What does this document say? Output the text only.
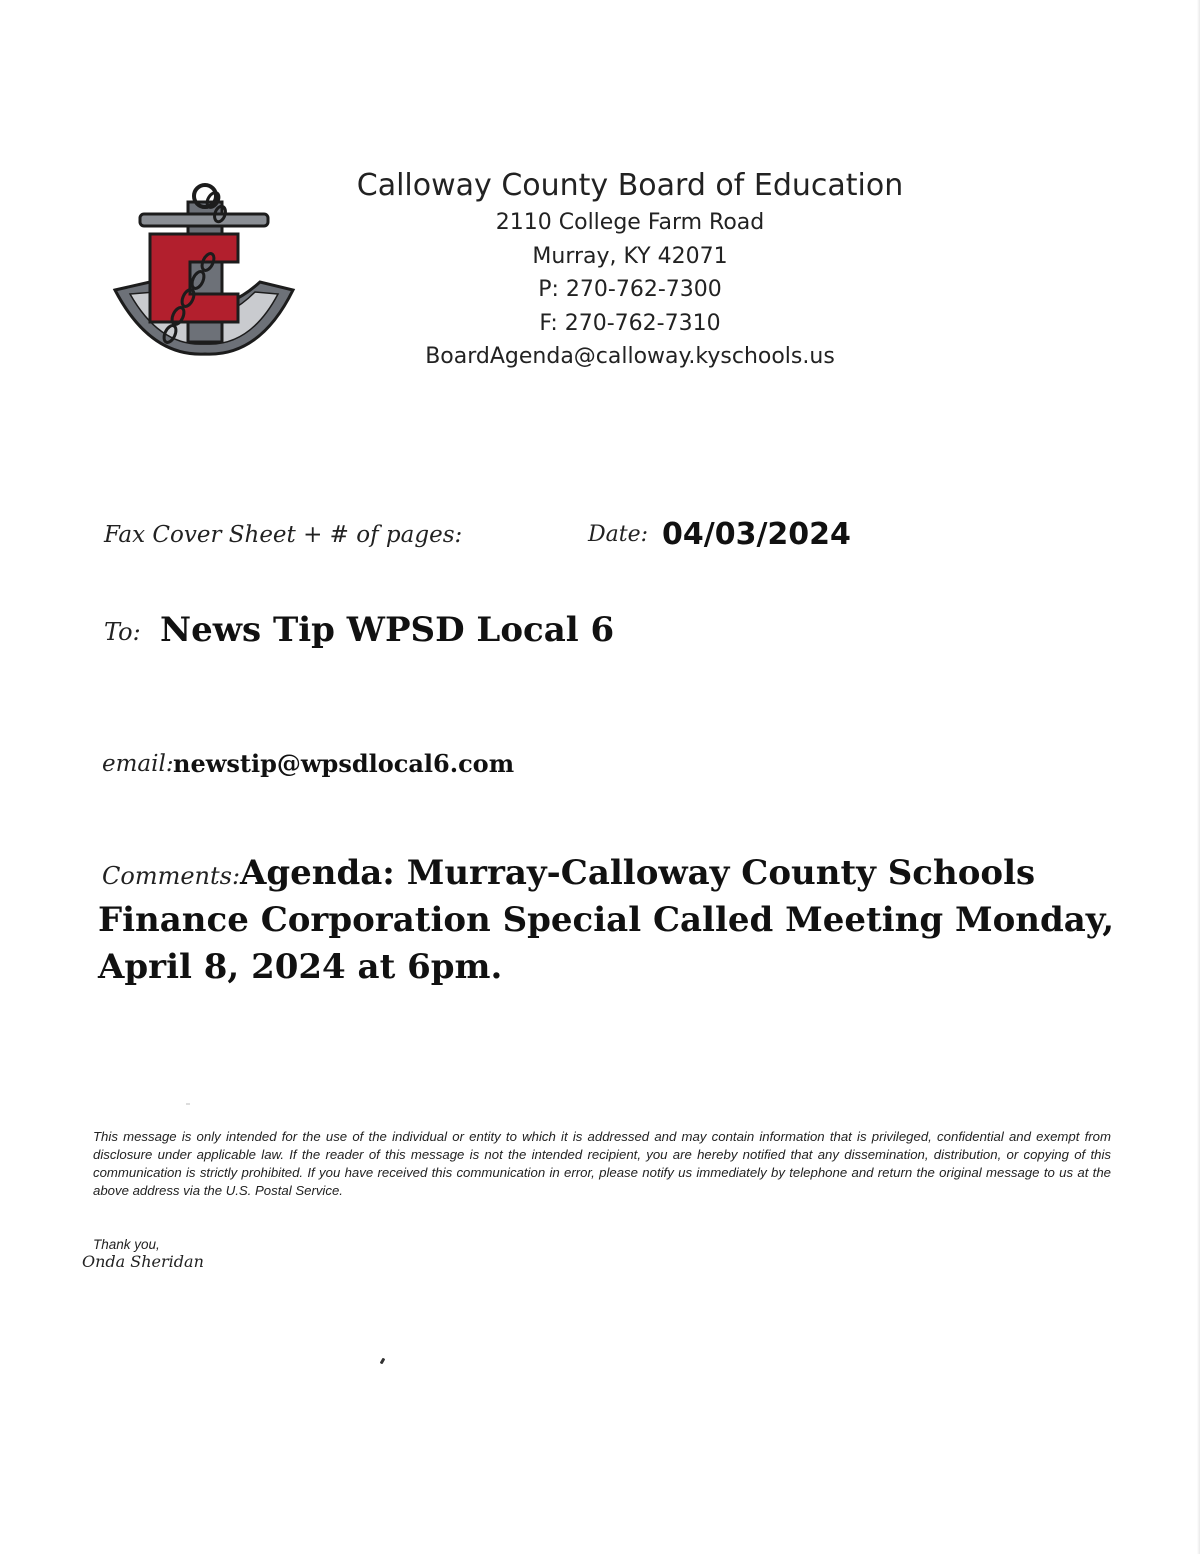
Calloway County Board of Education
2110 College Farm Road
Murray, KY 42071
P: 270-762-7300
F: 270-762-7310
BoardAgenda@calloway.kyschools.us
Fax Cover Sheet + # of pages:	Date: 04/03/2024
To: News Tip WPSD Local 6
email: newstip@wpsdlocal6.com
Comments: Agenda: Murray-Calloway County Schools Finance Corporation Special Called Meeting Monday, April 8, 2024 at 6pm.
This message is only intended for the use of the individual or entity to which it is addressed and may contain information that is privileged, confidential and exempt from disclosure under applicable law. If the reader of this message is not the intended recipient, you are hereby notified that any dissemination, distribution, or copying of this communication is strictly prohibited. If you have received this communication in error, please notify us immediately by telephone and return the original message to us at the above address via the U.S. Postal Service.
Thank you,
Onda Sheridan
